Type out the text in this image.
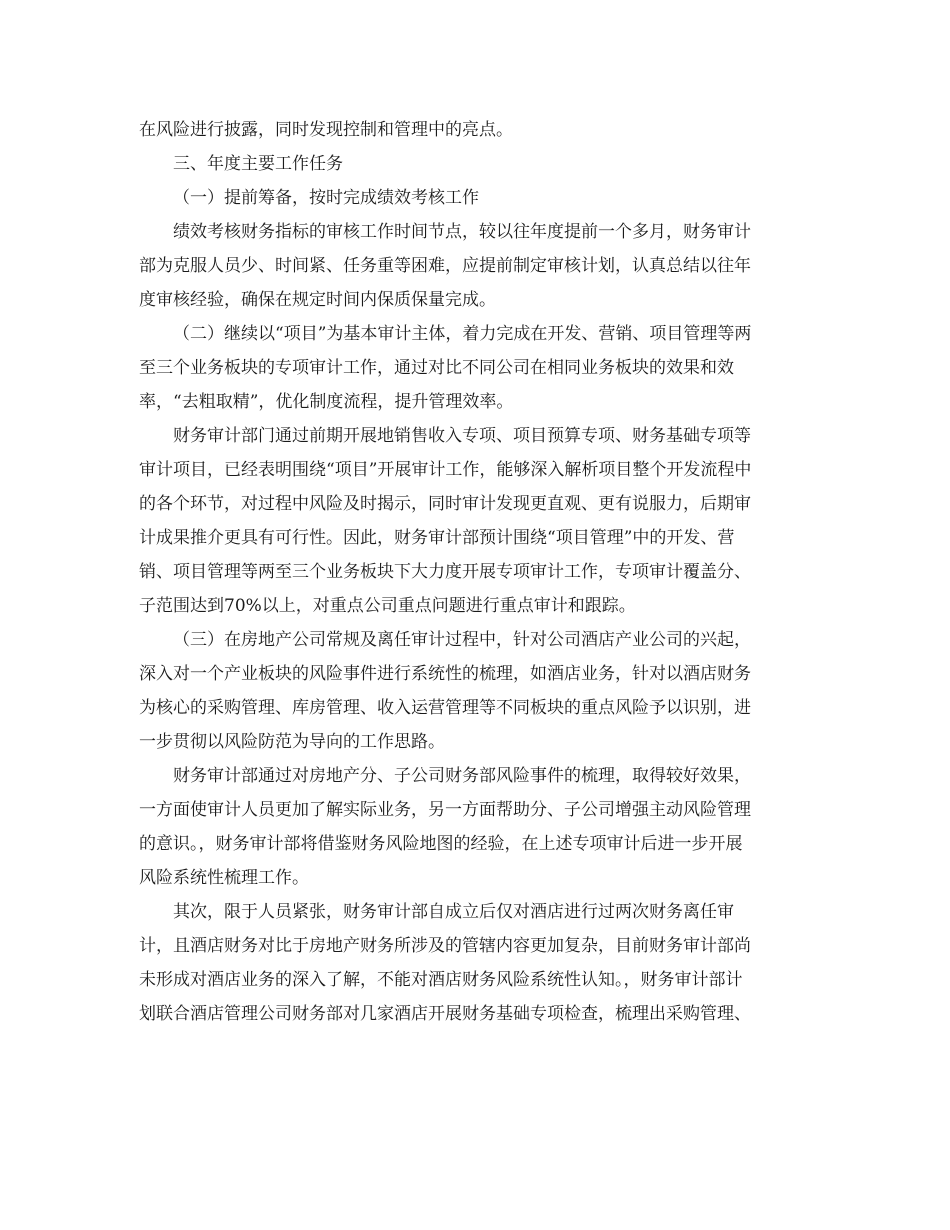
在风险进行披露，同时发现控制和管理中的亮点。
三、年度主要工作任务
（一）提前筹备，按时完成绩效考核工作
绩效考核财务指标的审核工作时间节点，较以往年度提前一个多月，财务审计
部为克服人员少、时间紧、任务重等困难，应提前制定审核计划，认真总结以往年
度审核经验，确保在规定时间内保质保量完成。
（二）继续以“项目”为基本审计主体，着力完成在开发、营销、项目管理等两
至三个业务板块的专项审计工作，通过对比不同公司在相同业务板块的效果和效
率，“去粗取精”，优化制度流程，提升管理效率。
财务审计部门通过前期开展地销售收入专项、项目预算专项、财务基础专项等
审计项目，已经表明围绕“项目”开展审计工作，能够深入解析项目整个开发流程中
的各个环节，对过程中风险及时揭示，同时审计发现更直观、更有说服力，后期审
计成果推介更具有可行性。因此，财务审计部预计围绕“项目管理”中的开发、营
销、项目管理等两至三个业务板块下大力度开展专项审计工作，专项审计覆盖分、
子范围达到70%以上，对重点公司重点问题进行重点审计和跟踪。
（三）在房地产公司常规及离任审计过程中，针对公司酒店产业公司的兴起，
深入对一个产业板块的风险事件进行系统性的梳理，如酒店业务，针对以酒店财务
为核心的采购管理、库房管理、收入运营管理等不同板块的重点风险予以识别，进
一步贯彻以风险防范为导向的工作思路。
财务审计部通过对房地产分、子公司财务部风险事件的梳理，取得较好效果，
一方面使审计人员更加了解实际业务，另一方面帮助分、子公司增强主动风险管理
的意识。，财务审计部将借鉴财务风险地图的经验，在上述专项审计后进一步开展
风险系统性梳理工作。
其次，限于人员紧张，财务审计部自成立后仅对酒店进行过两次财务离任审
计，且酒店财务对比于房地产财务所涉及的管辖内容更加复杂，目前财务审计部尚
未形成对酒店业务的深入了解，不能对酒店财务风险系统性认知。，财务审计部计
划联合酒店管理公司财务部对几家酒店开展财务基础专项检查，梳理出采购管理、
